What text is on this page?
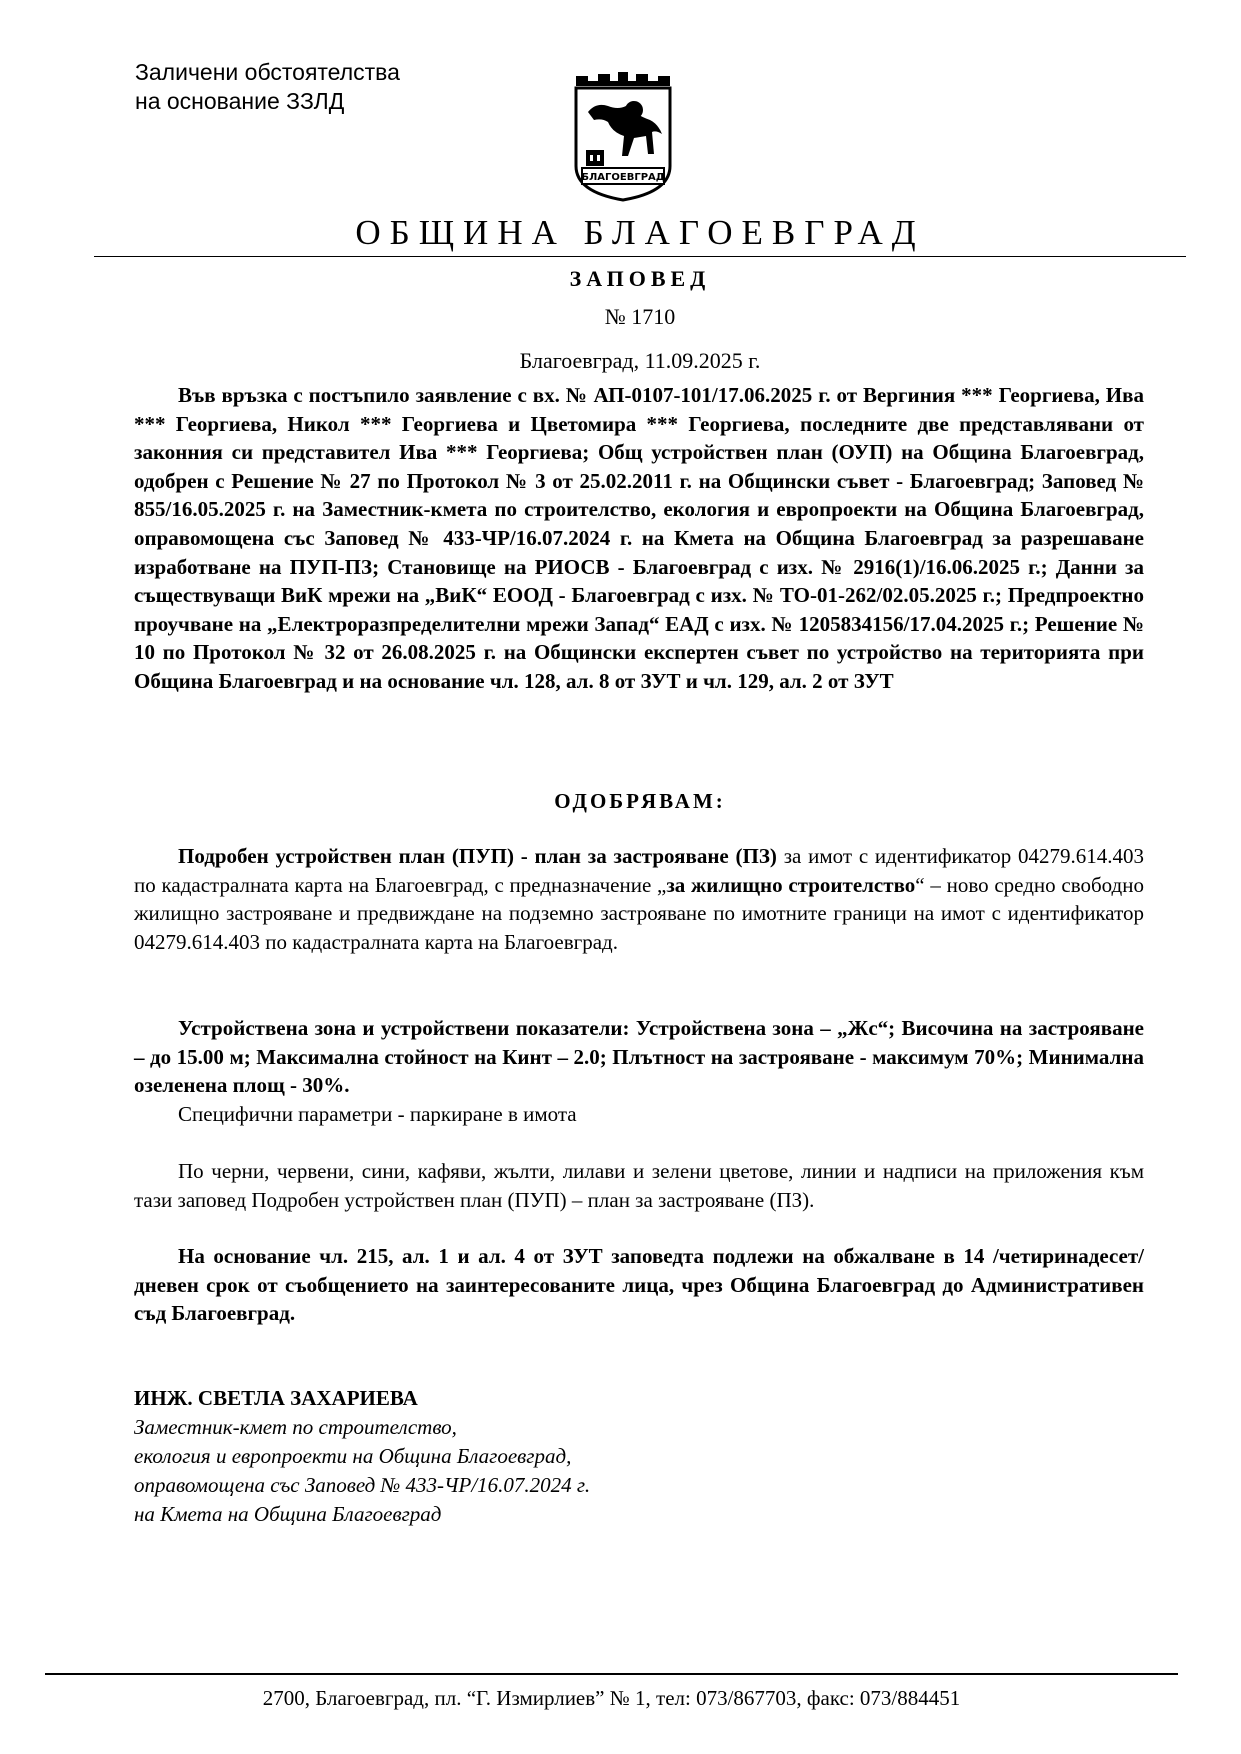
Заличени обстоятелства
на основание ЗЗЛД
БЛАГОЕВГРАД
ОБЩИНА БЛАГОЕВГРАД
ЗАПОВЕД
№ 1710
Благоевград, 11.09.2025 г.
Във връзка с постъпило заявление с вх. № АП-0107-101/17.06.2025 г. от Вергиния *** Георгиева, Ива *** Георгиева, Никол *** Георгиева и Цветомира *** Георгиева, последните две представлявани от законния си представител Ива *** Георгиева; Общ устройствен план (ОУП) на Община Благоевград, одобрен с Решение № 27 по Протокол № 3 от 25.02.2011 г. на Общински съвет - Благоевград; Заповед № 855/16.05.2025 г. на Заместник-кмета по строителство, екология и европроекти на Община Благоевград, оправомощена със Заповед № 433-ЧР/16.07.2024 г. на Кмета на Община Благоевград за разрешаване изработване на ПУП-ПЗ; Становище на РИОСВ - Благоевград с изх. № 2916(1)/16.06.2025 г.; Данни за съществуващи ВиК мрежи на „ВиК“ ЕООД - Благоевград с изх. № ТО-01-262/02.05.2025 г.; Предпроектно проучване на „Електроразпределителни мрежи Запад“ ЕАД с изх. № 1205834156/17.04.2025 г.; Решение № 10 по Протокол № 32 от 26.08.2025 г. на Общински експертен съвет по устройство на територията при Община Благоевград и на основание чл. 128, ал. 8 от ЗУТ и чл. 129, ал. 2 от ЗУТ
ОДОБРЯВАМ:
Подробен устройствен план (ПУП) - план за застрояване (ПЗ) за имот с идентификатор 04279.614.403 по кадастралната карта на Благоевград, с предназначение „за жилищно строителство“ – ново средно свободно жилищно застрояване и предвиждане на подземно застрояване по имотните граници на имот с идентификатор 04279.614.403 по кадастралната карта на Благоевград.
Устройствена зона и устройствени показатели: Устройствена зона – „Жс“; Височина на застрояване – до 15.00 м; Максимална стойност на Кинт – 2.0; Плътност на застрояване - максимум 70%; Минимална озеленена площ - 30%.
Специфични параметри - паркиране в имота
По черни, червени, сини, кафяви, жълти, лилави и зелени цветове, линии и надписи на приложения към тази заповед Подробен устройствен план (ПУП) – план за застрояване (ПЗ).
На основание чл. 215, ал. 1 и ал. 4 от ЗУТ заповедта подлежи на обжалване в 14 /четиринадесет/ дневен срок от съобщението на заинтересованите лица, чрез Община Благоевград до Административен съд Благоевград.
ИНЖ. СВЕТЛА ЗАХАРИЕВА
Заместник-кмет по строителство,
екология и европроекти на Община Благоевград,
оправомощена със Заповед № 433-ЧР/16.07.2024 г.
на Кмета на Община Благоевград
2700, Благоевград, пл. “Г. Измирлиев” № 1, тел: 073/867703, факс: 073/884451
